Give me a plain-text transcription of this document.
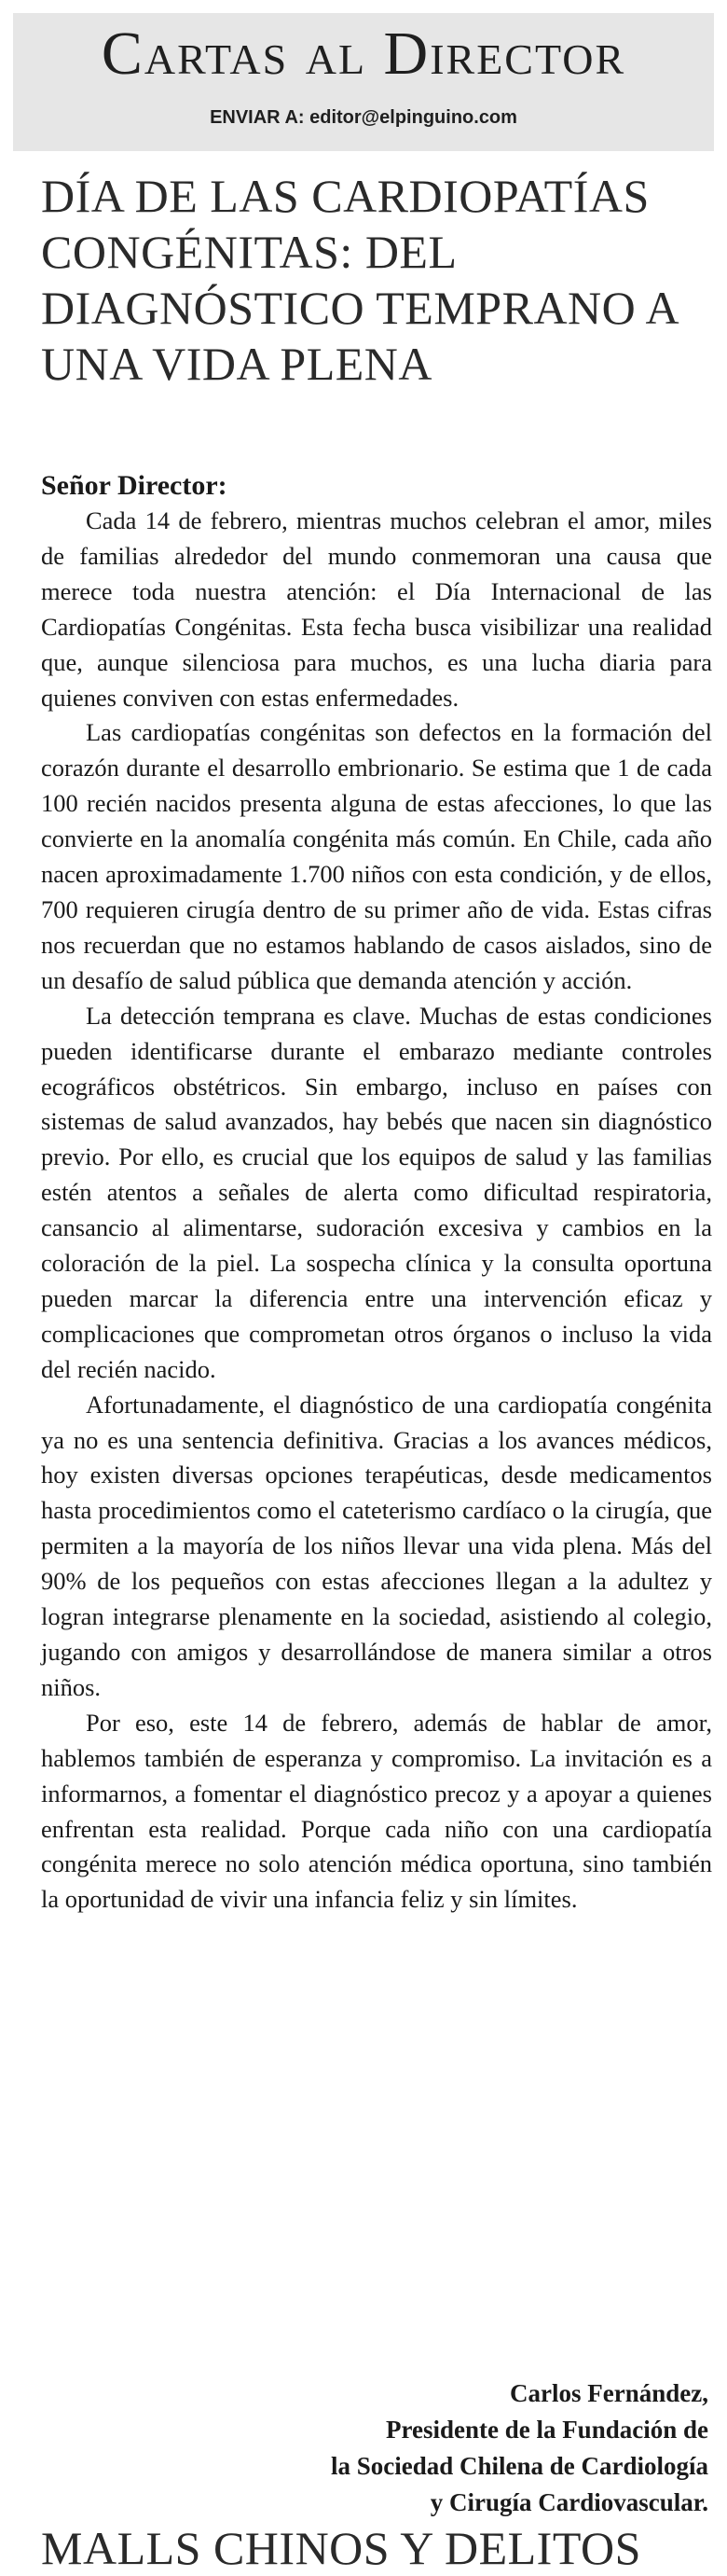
Cartas al Director
ENVIAR A: editor@elpinguino.com
DÍA DE LAS CARDIOPATÍAS CONGÉNITAS: DEL DIAGNÓSTICO TEMPRANO A UNA VIDA PLENA

Señor Director:

Cada 14 de febrero, mientras muchos celebran el amor, miles de familias alrededor del mundo conmemoran una causa que merece toda nuestra atención: el Día Internacional de las Cardiopatías Congénitas. Esta fecha busca visibilizar una realidad que, aunque silenciosa para muchos, es una lucha diaria para quienes conviven con estas enfermedades.

Las cardiopatías congénitas son defectos en la formación del corazón durante el desarrollo embrionario. Se estima que 1 de cada 100 recién nacidos presenta alguna de estas afecciones, lo que las convierte en la anomalía congénita más común. En Chile, cada año nacen aproximadamente 1.700 niños con esta condición, y de ellos, 700 requieren cirugía dentro de su primer año de vida. Estas cifras nos recuerdan que no estamos hablando de casos aislados, sino de un desafío de salud pública que demanda atención y acción.

La detección temprana es clave. Muchas de estas condiciones pueden identificarse durante el embarazo mediante controles ecográficos obstétricos. Sin embargo, incluso en países con sistemas de salud avanzados, hay bebés que nacen sin diagnóstico previo. Por ello, es crucial que los equipos de salud y las familias estén atentos a señales de alerta como dificultad respiratoria, cansancio al alimentarse, sudoración excesiva y cambios en la coloración de la piel. La sospecha clínica y la consulta oportuna pueden marcar la diferencia entre una intervención eficaz y complicaciones que comprometan otros órganos o incluso la vida del recién nacido.

Afortunadamente, el diagnóstico de una cardiopatía congénita ya no es una sentencia definitiva. Gracias a los avances médicos, hoy existen diversas opciones terapéuticas, desde medicamentos hasta procedimientos como el cateterismo cardíaco o la cirugía, que permiten a la mayoría de los niños llevar una vida plena. Más del 90% de los pequeños con estas afecciones llegan a la adultez y logran integrarse plenamente en la sociedad, asistiendo al colegio, jugando con amigos y desarrollándose de manera similar a otros niños.

Por eso, este 14 de febrero, además de hablar de amor, hablemos también de esperanza y compromiso. La invitación es a informarnos, a fomentar el diagnóstico precoz y a apoyar a quienes enfrentan esta realidad. Porque cada niño con una cardiopatía congénita merece no solo atención médica oportuna, sino también la oportunidad de vivir una infancia feliz y sin límites.

Carlos Fernández,
Presidente de la Fundación de
la Sociedad Chilena de Cardiología
y Cirugía Cardiovascular.
MALLS CHINOS Y DELITOS
